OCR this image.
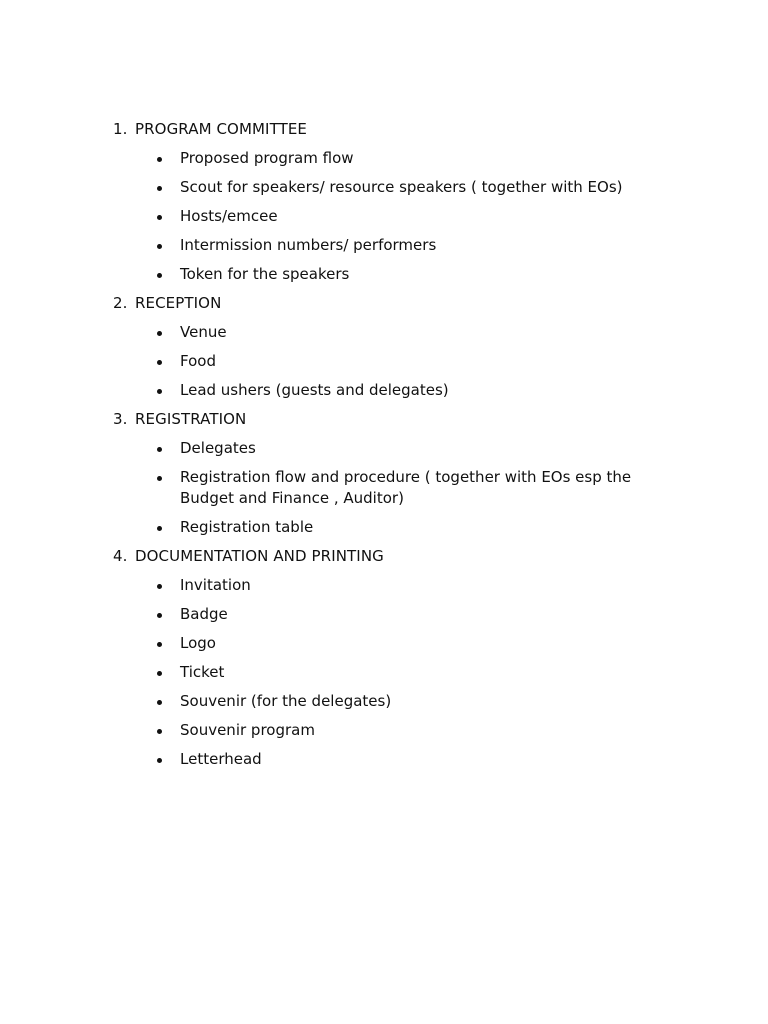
1. PROGRAM COMMITTEE
Proposed program flow
Scout for speakers/ resource speakers ( together with EOs)
Hosts/emcee
Intermission numbers/ performers
Token for the speakers
2. RECEPTION
Venue
Food
Lead ushers (guests and delegates)
3. REGISTRATION
Delegates
Registration flow and procedure ( together with EOs esp the Budget and Finance , Auditor)
Registration table
4. DOCUMENTATION AND PRINTING
Invitation
Badge
Logo
Ticket
Souvenir (for the delegates)
Souvenir program
Letterhead
